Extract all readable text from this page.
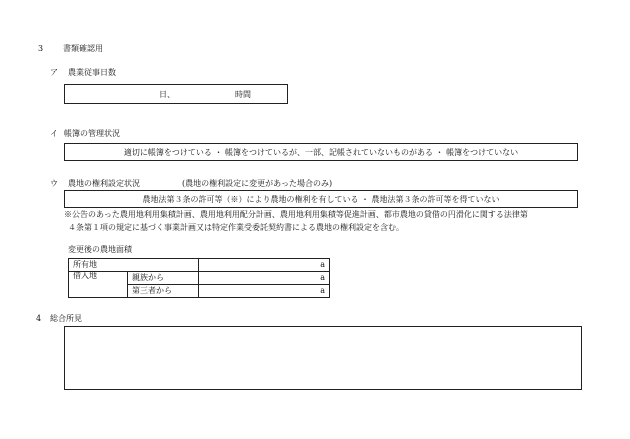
3 書類確認用
ア 農業従事日数
日、	時間
イ 帳簿の管理状況
適切に帳簿をつけている ・ 帳簿をつけているが、一部、記帳されていないものがある ・ 帳簿をつけていない
ウ 農地の権利設定状況	(農地の権利設定に変更があった場合のみ)
農地法第３条の許可等（※）により農地の権利を有している ・ 農地法第３条の許可等を得ていない
※公告のあった農用地利用集積計画、農用地利用配分計画、農用地利用集積等促進計画、都市農地の貸借の円滑化に関する法律第
４条第１項の規定に基づく事業計画又は特定作業受委託契約書による農地の権利設定を含む。
変更後の農地面積
所有地		a
借入地	親族から	a
	第三者から	a
4 総合所見
